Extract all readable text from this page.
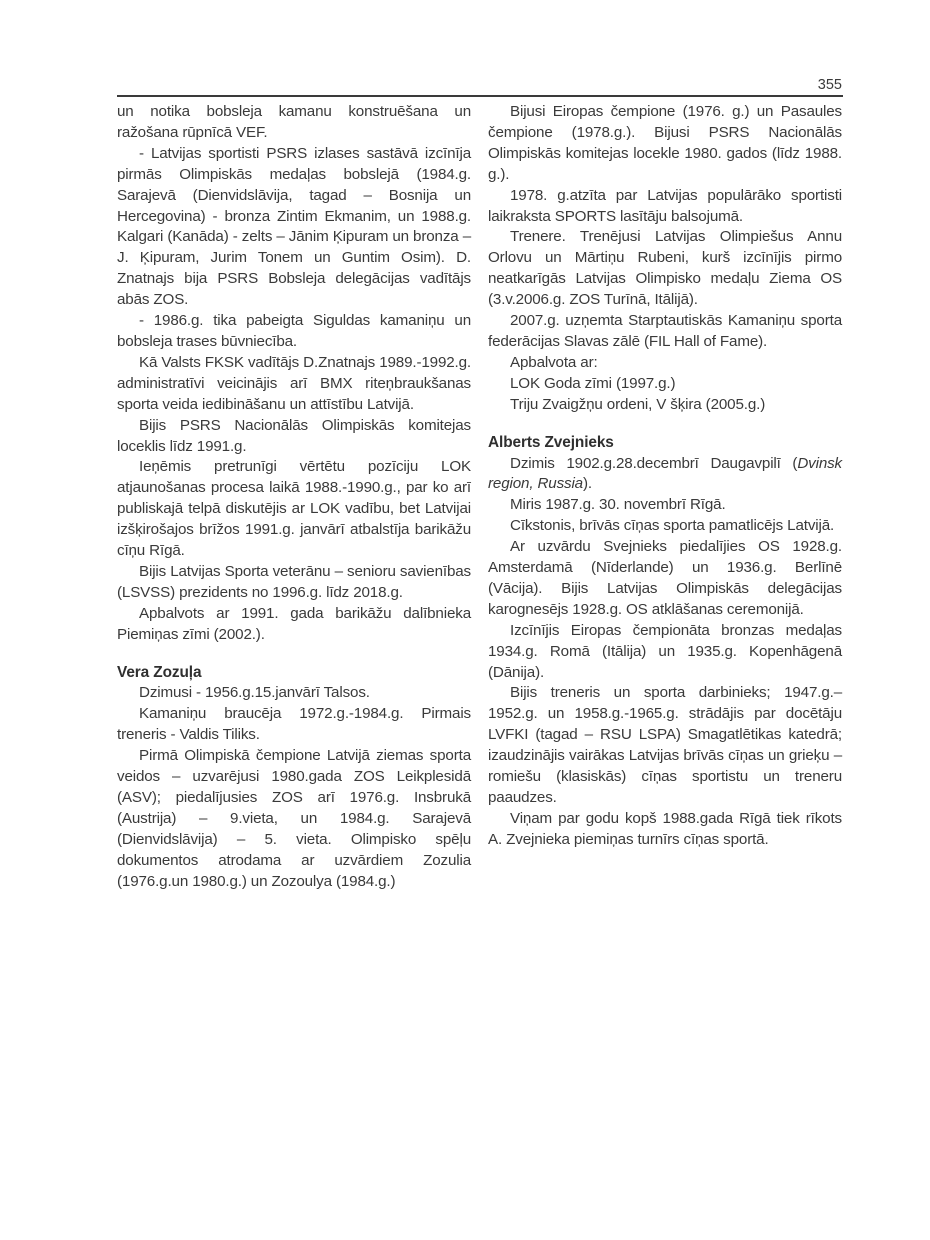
355

un notika bobsleja kamanu konstruēšana un ražošana rūpnīcā VEF.

- Latvijas sportisti PSRS izlases sastāvā izcīnīja pirmās Olimpiskās medaļas bobslejā (1984.g. Sarajevā (Dienvidslāvija, tagad – Bosnija un Hercegovina) - bronza Zintim Ekmanim, un 1988.g. Kalgari (Kanāda) - zelts – Jānim Ķipuram un bronza – J. Ķipuram, Jurim Tonem un Guntim Osim). D. Znatnajs bija PSRS Bobsleja delegācijas vadītājs abās ZOS.

- 1986.g. tika pabeigta Siguldas kamaniņu un bobsleja trases būvniecība.

Kā Valsts FKSK vadītājs D.Znatnajs 1989.-1992.g. administratīvi veicinājis arī BMX riteņbraukšanas sporta veida iedibināšanu un attīstību Latvijā.

Bijis PSRS Nacionālās Olimpiskās komitejas loceklis līdz 1991.g.

Ieņēmis pretrunīgi vērtētu pozīciju LOK atjaunošanas procesa laikā 1988.-1990.g., par ko arī publiskajā telpā diskutējis ar LOK vadību, bet Latvijai izšķirošajos brīžos 1991.g. janvārī atbalstīja barikāžu cīņu Rīgā.

Bijis Latvijas Sporta veterānu – senioru savienības (LSVSS) prezidents no 1996.g. līdz 2018.g.

Apbalvots ar 1991. gada barikāžu dalībnieka Piemiņas zīmi (2002.).

Vera Zozuļa

Dzimusi - 1956.g.15.janvārī Talsos.

Kamaniņu braucēja 1972.g.-1984.g. Pirmais treneris - Valdis Tiliks.

Pirmā Olimpiskā čempione Latvijā ziemas sporta veidos – uzvarējusi 1980.gada ZOS Leikplesidā (ASV); piedalījusies ZOS arī 1976.g. Insbrukā (Austrija) – 9.vieta, un 1984.g. Sarajevā (Dienvidslāvija) – 5. vieta. Olimpisko spēļu dokumentos atrodama ar uzvārdiem Zozulia (1976.g.un 1980.g.) un Zozoulya (1984.g.)

Bijusi Eiropas čempione (1976. g.) un Pasaules čempione (1978.g.). Bijusi PSRS Nacionālās Olimpiskās komitejas locekle 1980. gados (līdz 1988. g.).

1978. g.atzīta par Latvijas populārāko sportisti laikraksta SPORTS lasītāju balsojumā.

Trenere. Trenējusi Latvijas Olimpiešus Annu Orlovu un Mārtiņu Rubeni, kurš izcīnījis pirmo neatkarīgās Latvijas Olimpisko medaļu Ziema OS (3.v.2006.g. ZOS Turīnā, Itālijā).

2007.g. uzņemta Starptautiskās Kamaniņu sporta federācijas Slavas zālē (FIL Hall of Fame).

Apbalvota ar:

LOK Goda zīmi (1997.g.)

Triju Zvaigžņu ordeni, V šķira (2005.g.)

Alberts Zvejnieks

Dzimis 1902.g.28.decembrī Daugavpilī (Dvinsk region, Russia).

Miris 1987.g. 30. novembrī Rīgā.

Cīkstonis, brīvās cīņas sporta pamatlicējs Latvijā.

Ar uzvārdu Svejnieks piedalījies OS 1928.g. Amsterdamā (Nīderlande) un 1936.g. Berlīnē (Vācija). Bijis Latvijas Olimpiskās delegācijas karognesējs 1928.g. OS atklāšanas ceremonijā.

Izcīnījis Eiropas čempionāta bronzas medaļas 1934.g. Romā (Itālija) un 1935.g. Kopenhāgenā (Dānija).

Bijis treneris un sporta darbinieks; 1947.g.–1952.g. un 1958.g.-1965.g. strādājis par docētāju LVFKI (tagad – RSU LSPA) Smagatlētikas katedrā; izaudzinājis vairākas Latvijas brīvās cīņas un grieķu – romiešu (klasiskās) cīņas sportistu un treneru paaudzes.

Viņam par godu kopš 1988.gada Rīgā tiek rīkots A. Zvejnieka piemiņas turnīrs cīņas sportā.
